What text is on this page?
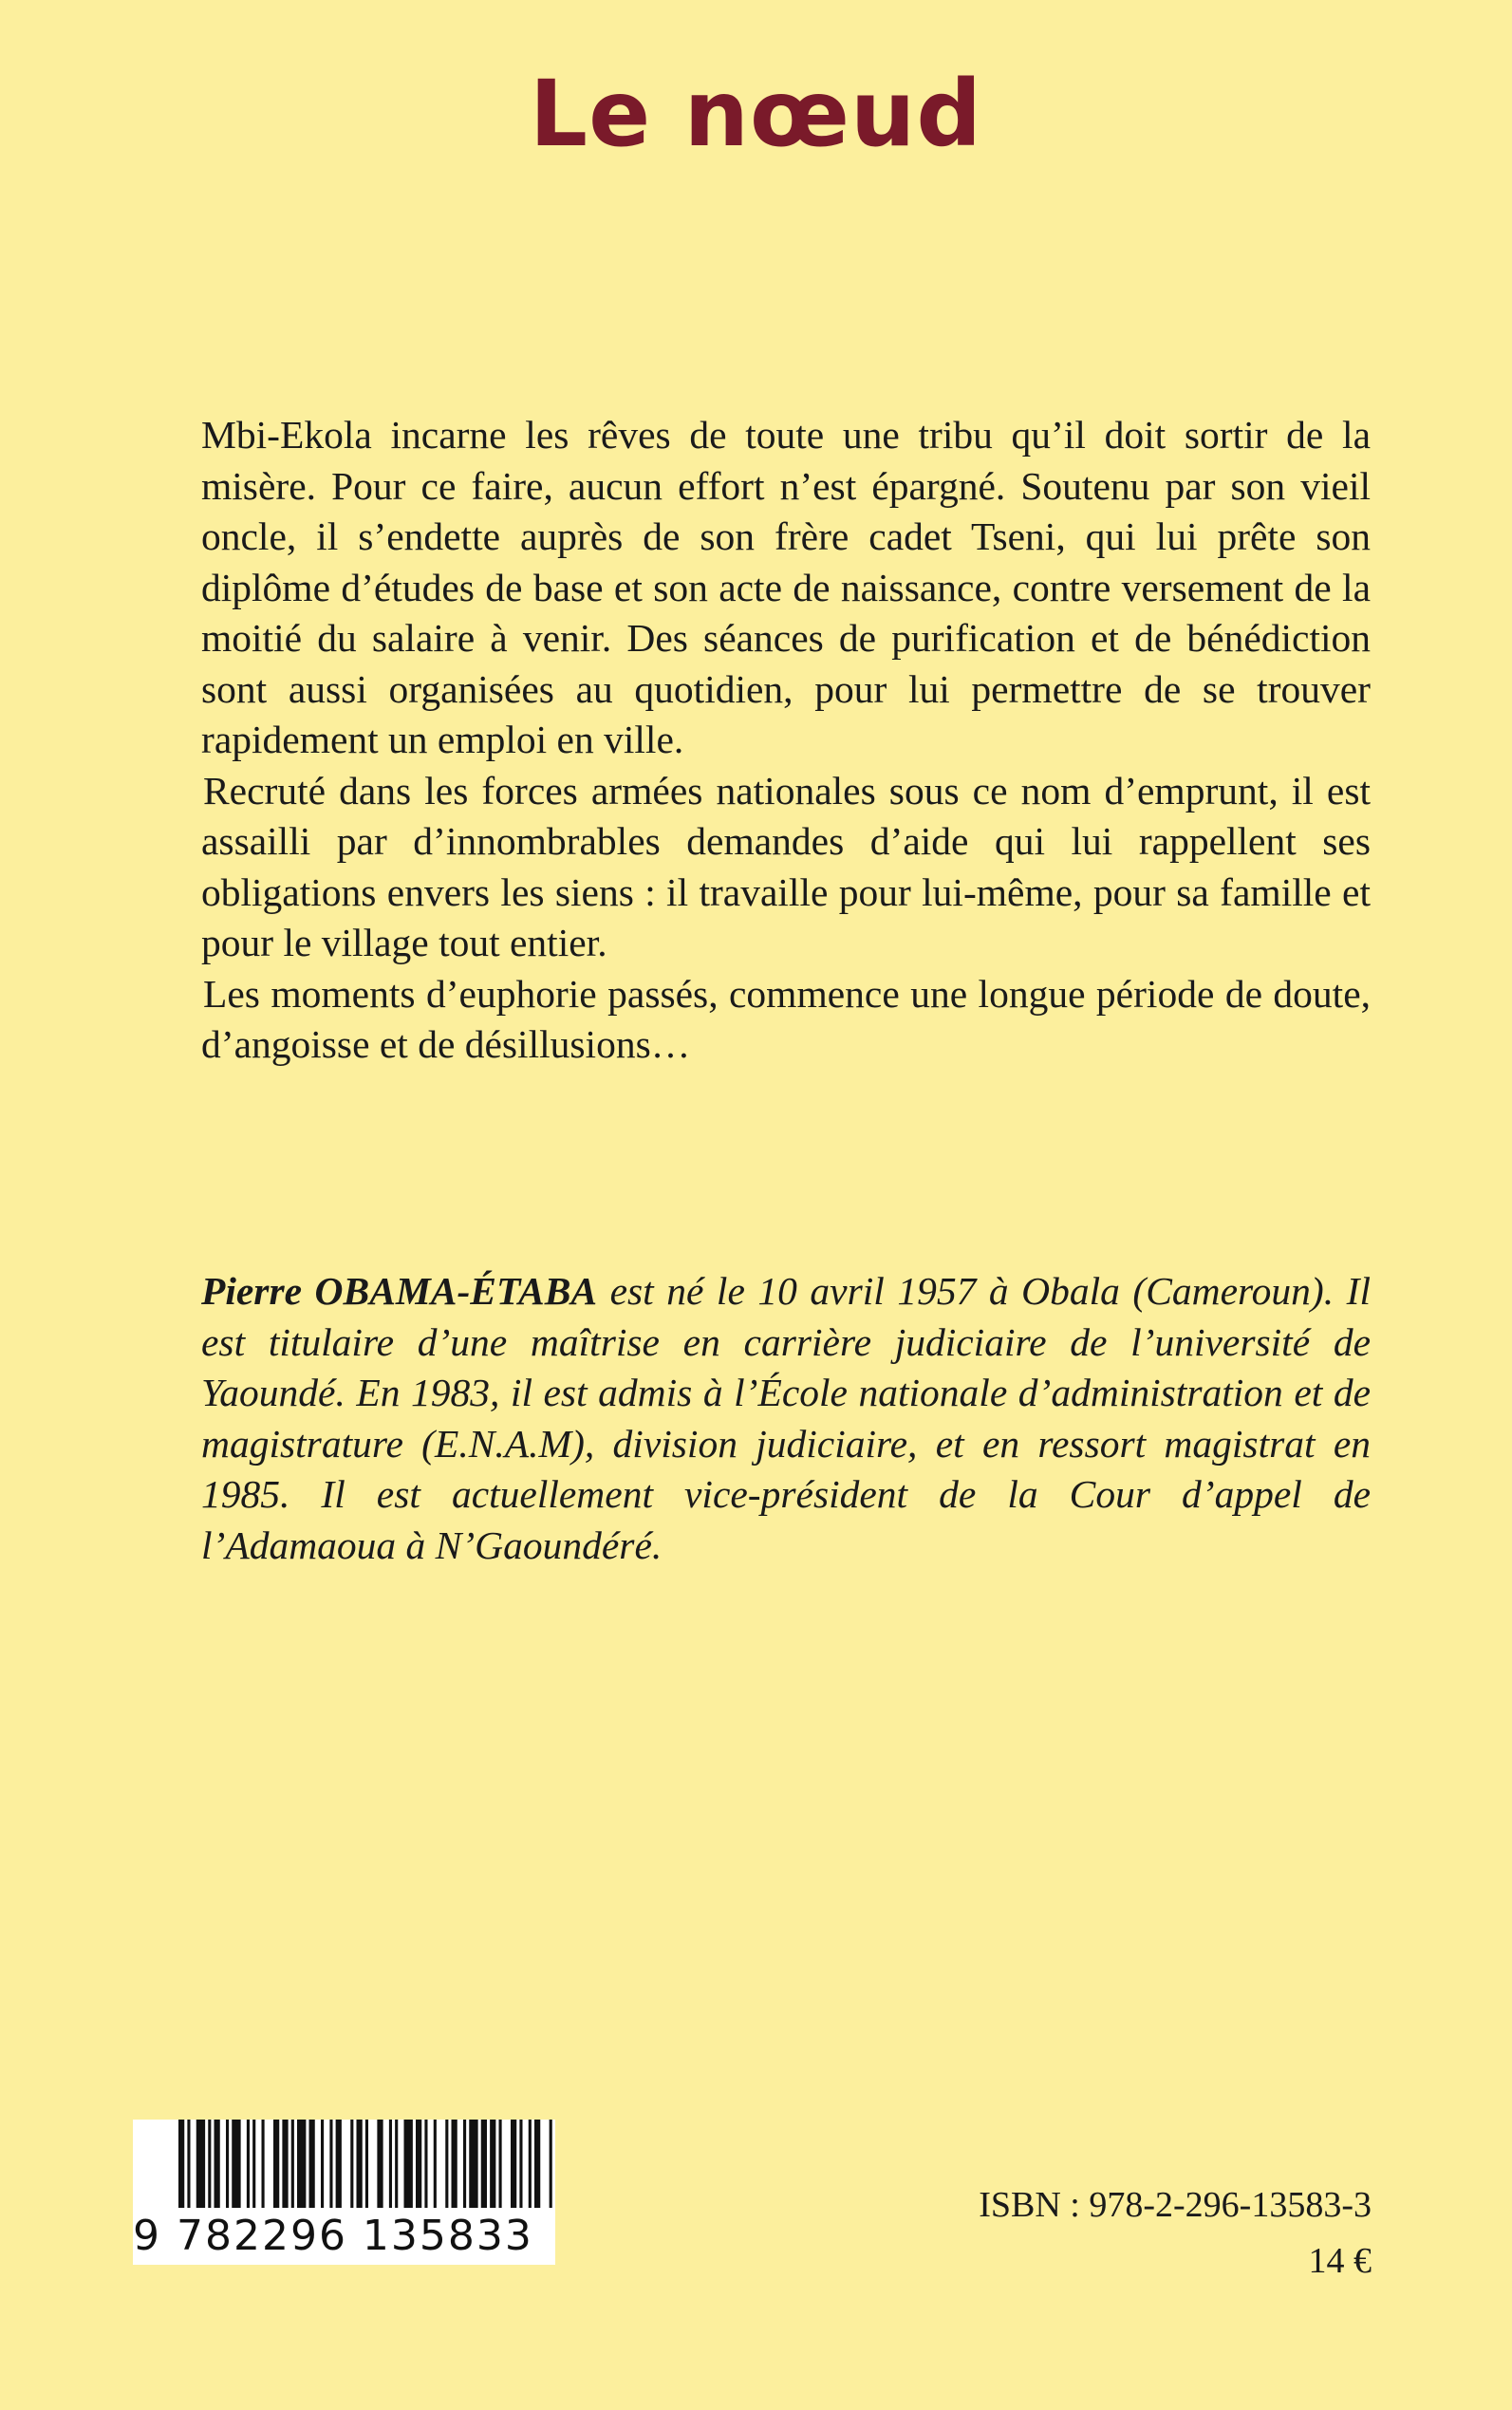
Le nœud

Mbi-Ekola incarne les rêves de toute une tribu qu’il doit sortir de la misère. Pour ce faire, aucun effort n’est épargné. Soutenu par son vieil oncle, il s’endette auprès de son frère cadet Tseni, qui lui prête son diplôme d’études de base et son acte de naissance, contre versement de la moitié du salaire à venir. Des séances de purification et de bénédiction sont aussi organisées au quotidien, pour lui permettre de se trouver rapidement un emploi en ville.

Recruté dans les forces armées nationales sous ce nom d’emprunt, il est assailli par d’innombrables demandes d’aide qui lui rappellent ses obligations envers les siens : il travaille pour lui-même, pour sa famille et pour le village tout entier.

Les moments d’euphorie passés, commence une longue période de doute, d’angoisse et de désillusions…

Pierre OBAMA-ÉTABA est né le 10 avril 1957 à Obala (Cameroun). Il est titulaire d’une maîtrise en carrière judiciaire de l’université de Yaoundé. En 1983, il est admis à l’École nationale d’administration et de magistrature (E.N.A.M), division judiciaire, et en ressort magistrat en 1985. Il est actuellement vice-président de la Cour d’appel de l’Adamaoua à N’Gaoundéré.

9 782296 135833
ISBN : 978-2-296-13583-3
14 €
